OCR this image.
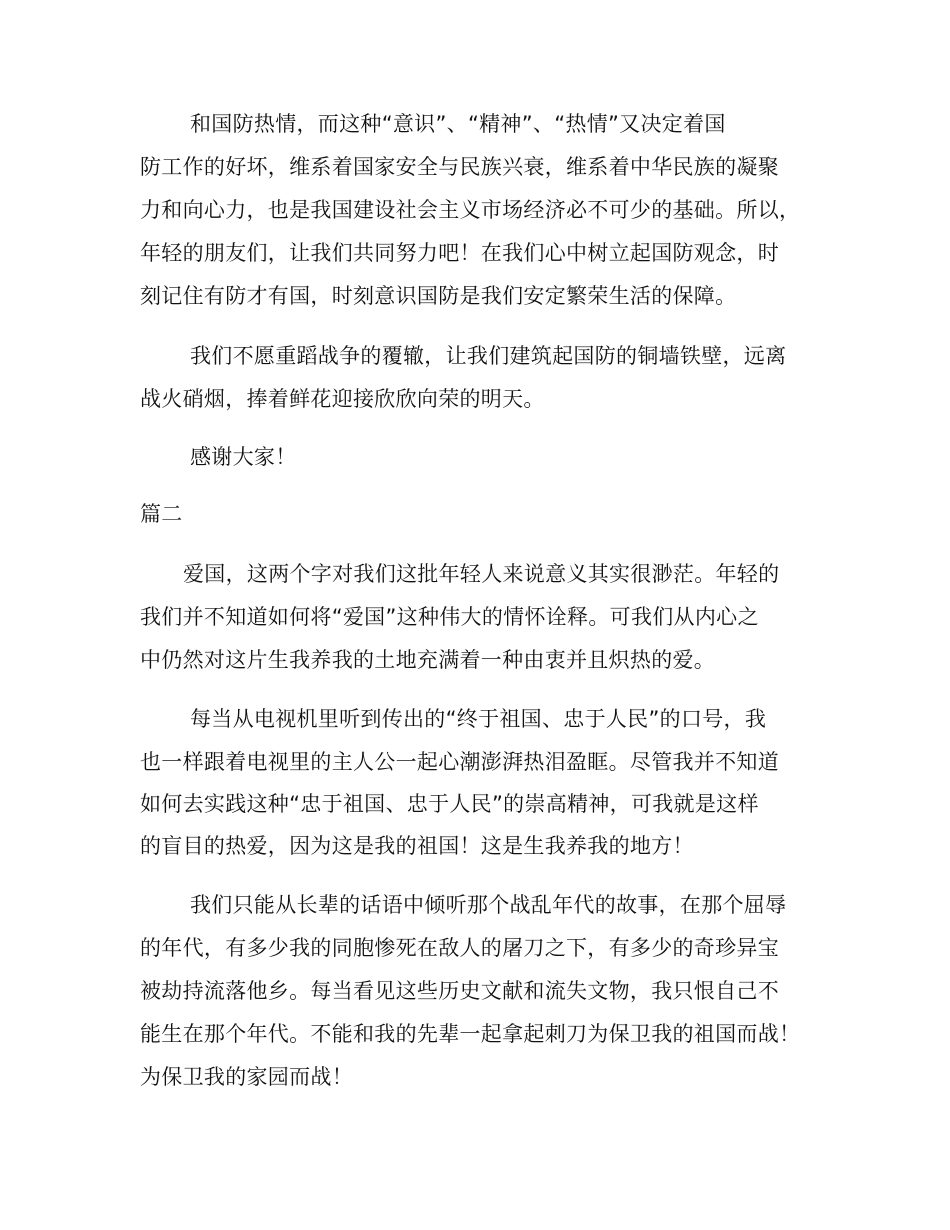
和国防热情，而这种“意识”、“精神”、“热情”又决定着国
防工作的好坏，维系着国家安全与民族兴衰，维系着中华民族的凝聚
力和向心力，也是我国建设社会主义市场经济必不可少的基础。所以，
年轻的朋友们，让我们共同努力吧！在我们心中树立起国防观念，时
刻记住有防才有国，时刻意识国防是我们安定繁荣生活的保障。
我们不愿重蹈战争的覆辙，让我们建筑起国防的铜墙铁壁，远离
战火硝烟，捧着鲜花迎接欣欣向荣的明天。
感谢大家！
篇二
爱国，这两个字对我们这批年轻人来说意义其实很渺茫。年轻的
我们并不知道如何将“爱国”这种伟大的情怀诠释。可我们从内心之
中仍然对这片生我养我的土地充满着一种由衷并且炽热的爱。
每当从电视机里听到传出的“终于祖国、忠于人民”的口号，我
也一样跟着电视里的主人公一起心潮澎湃热泪盈眶。尽管我并不知道
如何去实践这种“忠于祖国、忠于人民”的崇高精神，可我就是这样
的盲目的热爱，因为这是我的祖国！这是生我养我的地方！
我们只能从长辈的话语中倾听那个战乱年代的故事，在那个屈辱
的年代，有多少我的同胞惨死在敌人的屠刀之下，有多少的奇珍异宝
被劫持流落他乡。每当看见这些历史文献和流失文物，我只恨自己不
能生在那个年代。不能和我的先辈一起拿起刺刀为保卫我的祖国而战！
为保卫我的家园而战！
